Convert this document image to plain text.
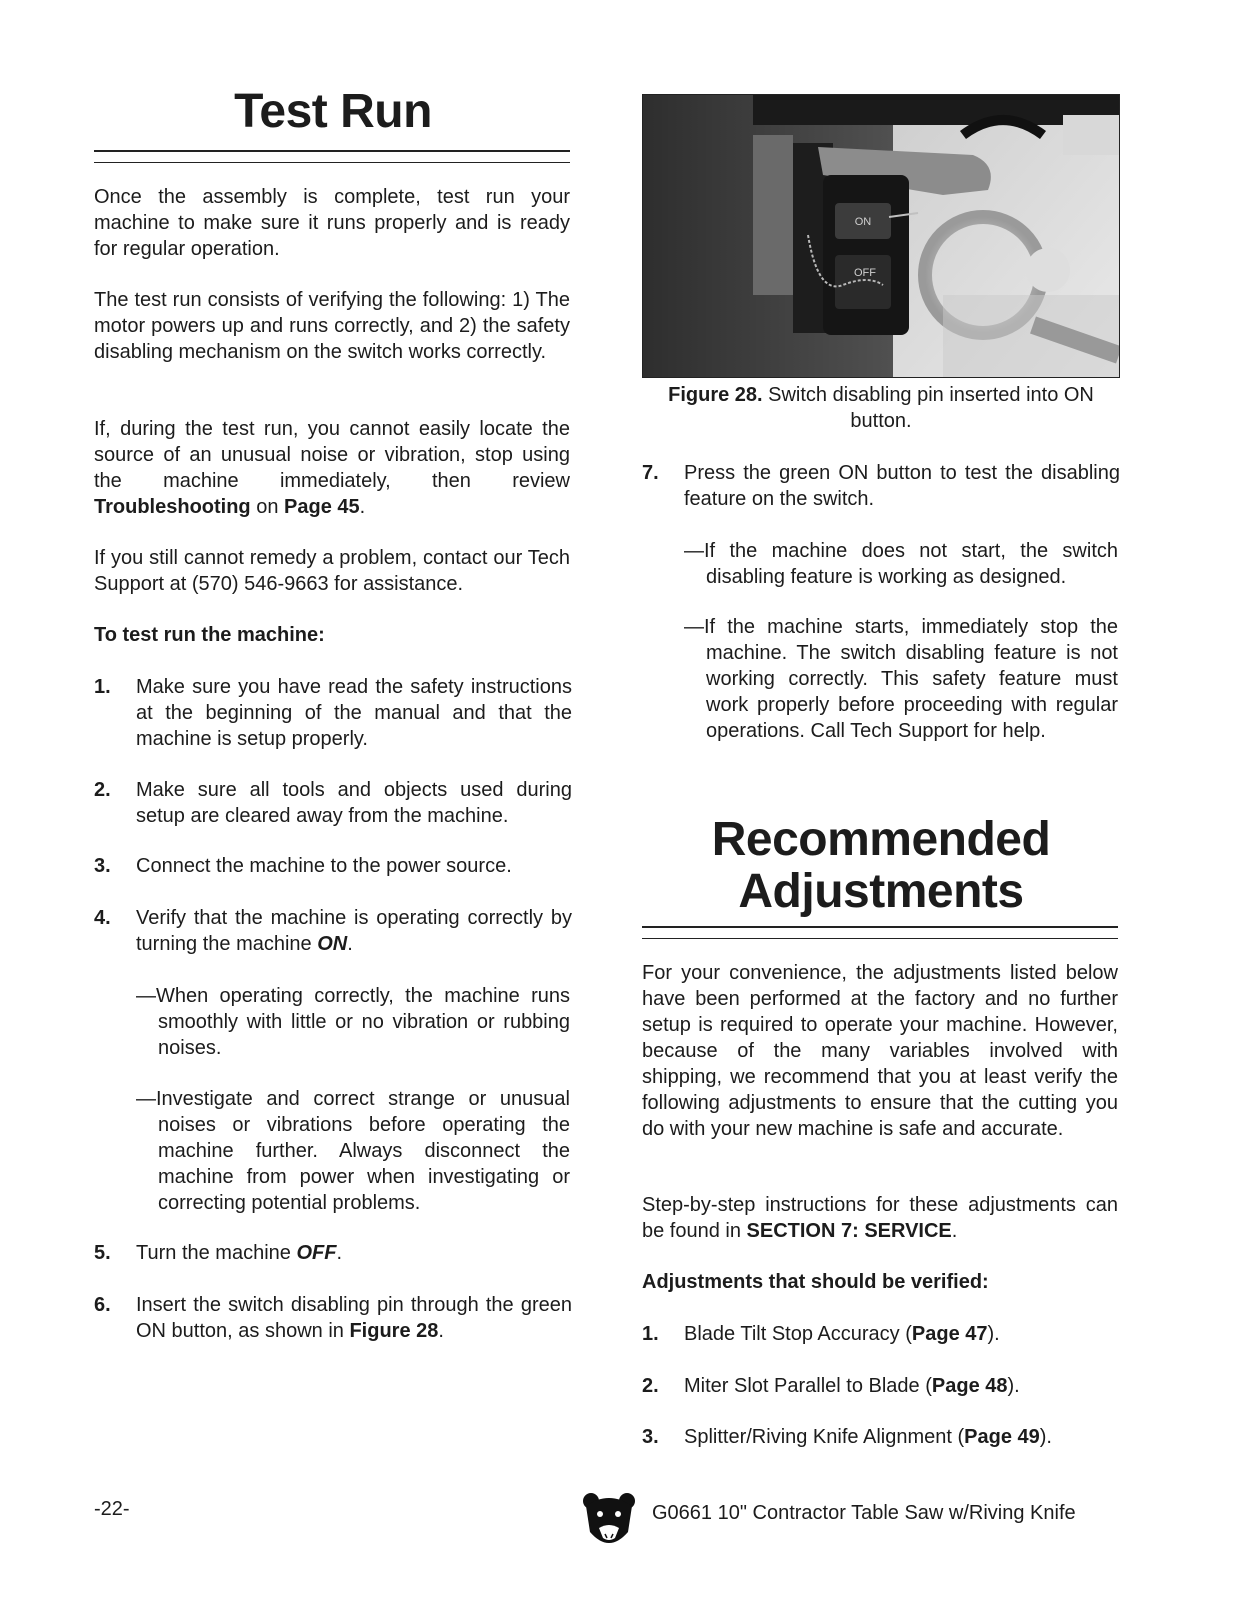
Test Run

Once the assembly is complete, test run your machine to make sure it runs properly and is ready for regular operation.

The test run consists of verifying the following: 1) The motor powers up and runs correctly, and 2) the safety disabling mechanism on the switch works correctly.

If, during the test run, you cannot easily locate the source of an unusual noise or vibration, stop using the machine immediately, then review Troubleshooting on Page 45.

If you still cannot remedy a problem, contact our Tech Support at (570) 546-9663 for assistance.

To test run the machine:

1. Make sure you have read the safety instructions at the beginning of the manual and that the machine is setup properly.
2. Make sure all tools and objects used during setup are cleared away from the machine.
3. Connect the machine to the power source.
4. Verify that the machine is operating correctly by turning the machine ON.
—When operating correctly, the machine runs smoothly with little or no vibration or rubbing noises.
—Investigate and correct strange or unusual noises or vibrations before operating the machine further. Always disconnect the machine from power when investigating or correcting potential problems.
5. Turn the machine OFF.
6. Insert the switch disabling pin through the green ON button, as shown in Figure 28.
ON
OFF
Figure 28. Switch disabling pin inserted into ON button.
7. Press the green ON button to test the disabling feature on the switch.
—If the machine does not start, the switch disabling feature is working as designed.
—If the machine starts, immediately stop the machine. The switch disabling feature is not working correctly. This safety feature must work properly before proceeding with regular operations. Call Tech Support for help.
Recommended
Adjustments

For your convenience, the adjustments listed below have been performed at the factory and no further setup is required to operate your machine. However, because of the many variables involved with shipping, we recommend that you at least verify the following adjustments to ensure that the cutting you do with your new machine is safe and accurate.

Step-by-step instructions for these adjustments can be found in SECTION 7: SERVICE.

Adjustments that should be verified:

1. Blade Tilt Stop Accuracy (Page 47).
2. Miter Slot Parallel to Blade (Page 48).
3. Splitter/Riving Knife Alignment (Page 49).
-22-	G0661 10" Contractor Table Saw w/Riving Knife
